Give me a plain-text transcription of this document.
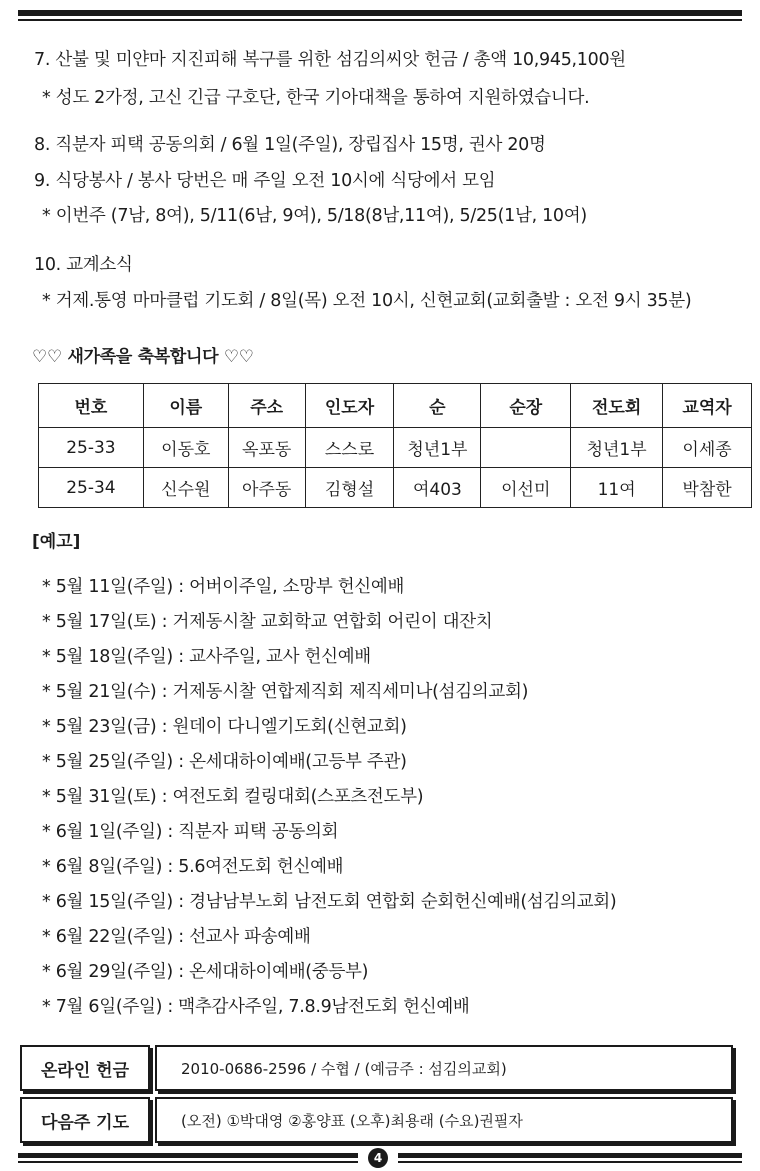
7. 산불 및 미얀마 지진피해 복구를 위한 섬김의씨앗 헌금 / 총액 10,945,100원
* 성도 2가정, 고신 긴급 구호단, 한국 기아대책을 통하여 지원하였습니다.
8. 직분자 피택 공동의회 / 6월 1일(주일), 장립집사 15명, 권사 20명
9. 식당봉사 / 봉사 당번은 매 주일 오전 10시에 식당에서 모임
* 이번주 (7남, 8여), 5/11(6남, 9여), 5/18(8남,11여), 5/25(1남, 10여)
10. 교계소식
* 거제.통영 마마클럽 기도회 / 8일(목) 오전 10시, 신현교회(교회출발 : 오전 9시 35분)
♡♡ 새가족을 축복합니다 ♡♡
번호	이름	주소	인도자	순	순장	전도회	교역자
25-33	이동호	옥포동	스스로	청년1부		청년1부	이세종
25-34	신수원	아주동	김형설	여403	이선미	11여	박참한
[예고]
* 5월 11일(주일) : 어버이주일, 소망부 헌신예배
* 5월 17일(토) : 거제동시찰 교회학교 연합회 어린이 대잔치
* 5월 18일(주일) : 교사주일, 교사 헌신예배
* 5월 21일(수) : 거제동시찰 연합제직회 제직세미나(섬김의교회)
* 5월 23일(금) : 원데이 다니엘기도회(신현교회)
* 5월 25일(주일) : 온세대하이예배(고등부 주관)
* 5월 31일(토) : 여전도회 컬링대회(스포츠전도부)
* 6월 1일(주일) : 직분자 피택 공동의회
* 6월 8일(주일) : 5.6여전도회 헌신예배
* 6월 15일(주일) : 경남남부노회 남전도회 연합회 순회헌신예배(섬김의교회)
* 6월 22일(주일) : 선교사 파송예배
* 6월 29일(주일) : 온세대하이예배(중등부)
* 7월 6일(주일) : 맥추감사주일, 7.8.9남전도회 헌신예배
온라인 헌금	2010-0686-2596 / 수협 / (예금주 : 섬김의교회)
다음주 기도	(오전) ①박대영 ②홍양표 (오후)최용래 (수요)권필자
4
